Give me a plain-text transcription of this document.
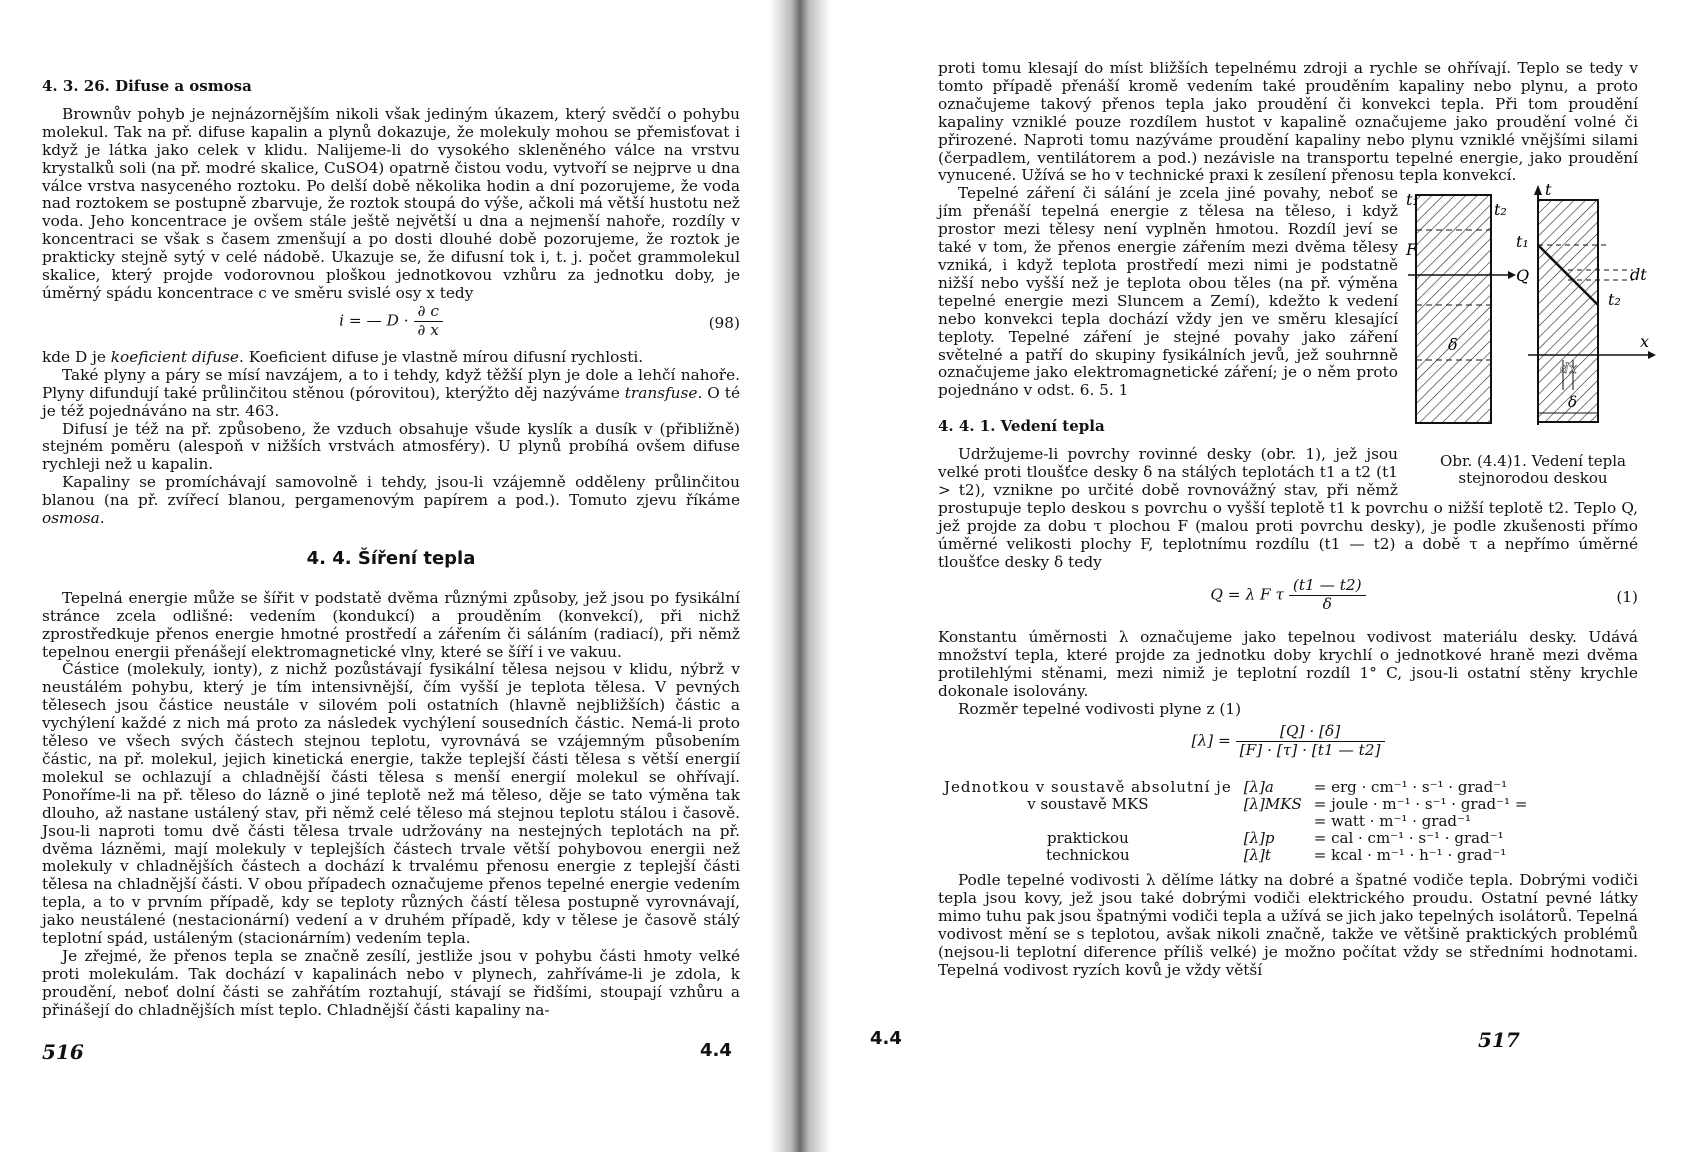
4. 3. 26. Difuse a osmosa

Brownův pohyb je nejnázornějším nikoli však jediným úkazem, který svědčí o pohybu molekul. Tak na př. difuse kapalin a plynů dokazuje, že molekuly mohou se přemisťovat i když je látka jako celek v klidu. Nalijeme-li do vysokého skleněného válce na vrstvu krystalků soli (na př. modré skalice, CuSO4) opatrně čistou vodu, vytvoří se nejprve u dna válce vrstva nasyceného roztoku. Po delší době několika hodin a dní pozorujeme, že voda nad roztokem se postupně zbarvuje, že roztok stoupá do výše, ačkoli má větší hustotu než voda. Jeho koncentrace je ovšem stále ještě největší u dna a nejmenší nahoře, rozdíly v koncentraci se však s časem zmenšují a po dosti dlouhé době pozorujeme, že roztok je prakticky stejně sytý v celé nádobě. Ukazuje se, že difusní tok i, t. j. počet grammolekul skalice, který projde vodorovnou ploškou jednotkovou vzhůru za jednotku doby, je úměrný spádu koncentrace c ve směru svislé osy x tedy

i = — $D \cdot \frac{\partial c}{\partial x}$	(98)

kde D je koeficient difuse. Koeficient difuse je vlastně mírou difusní rychlosti.

Také plyny a páry se mísí navzájem, a to i tehdy, když těžší plyn je dole a lehčí nahoře. Plyny difundují také průlinčitou stěnou (pórovitou), kterýžto děj nazýváme transfuse. O té je též pojednáváno na str. 463.

Difusí je též na př. způsobeno, že vzduch obsahuje všude kyslík a dusík v (přibližně) stejném poměru (alespoň v nižších vrstvách atmosféry). U plynů probíhá ovšem difuse rychleji než u kapalin.

Kapaliny se promíchávají samovolně i tehdy, jsou-li vzájemně odděleny průlinčitou blanou (na př. zvířecí blanou, pergamenovým papírem a pod.). Tomuto zjevu říkáme osmosa.

4. 4. Šíření tepla

Tepelná energie může se šířit v podstatě dvěma různými způsoby, jež jsou po fysikální stránce zcela odlišné: vedením (kondukcí) a prouděním (konvekcí), při nichž zprostředkuje přenos energie hmotné prostředí a zářením či sáláním (radiací), při němž tepelnou energii přenášejí elektromagnetické vlny, které se šíří i ve vakuu.

Částice (molekuly, ionty), z nichž pozůstávají fysikální tělesa nejsou v klidu, nýbrž v neustálém pohybu, který je tím intensivnější, čím vyšší je teplota tělesa. V pevných tělesech jsou částice neustále v silovém poli ostatních (hlavně nejbližších) částic a vychýlení každé z nich má proto za následek vychýlení sousedních částic. Nemá-li proto těleso ve všech svých částech stejnou teplotu, vyrovnává se vzájemným působením částic, na př. molekul, jejich kinetická energie, takže teplejší části tělesa s větší energií molekul se ochlazují a chladnější části tělesa s menší energií molekul se ohřívají. Ponoříme-li na př. těleso do lázně o jiné teplotě než má těleso, děje se tato výměna tak dlouho, až nastane ustálený stav, při němž celé těleso má stejnou teplotu stálou i časově. Jsou-li naproti tomu dvě části tělesa trvale udržovány na nestejných teplotách na př. dvěma lázněmi, mají molekuly v teplejších částech trvale větší pohybovou energii než molekuly v chladnějších částech a dochází k trvalému přenosu energie z teplejší části tělesa na chladnější části. V obou případech označujeme přenos tepelné energie vedením tepla, a to v prvním případě, kdy se teploty různých částí tělesa postupně vyrovnávají, jako neustálené (nestacionární) vedení a v druhém případě, kdy v tělese je časově stálý teplotní spád, ustáleným (stacionárním) vedením tepla.

Je zřejmé, že přenos tepla se značně zesílí, jestliže jsou v pohybu části hmoty velké proti molekulám. Tak dochází v kapalinách nebo v plynech, zahříváme-li je zdola, k proudění, neboť dolní části se zahřátím roztahují, stávají se řidšími, stoupají vzhůru a přinášejí do chladnějších míst teplo. Chladnější části kapaliny na-

516	4.4

proti tomu klesají do míst bližších tepelnému zdroji a rychle se ohřívají. Teplo se tedy v tomto případě přenáší kromě vedením také prouděním kapaliny nebo plynu, a proto označujeme takový přenos tepla jako proudění či konvekci tepla. Při tom proudění kapaliny vzniklé pouze rozdílem hustot v kapalině označujeme jako proudění volné či přirozené. Naproti tomu nazýváme proudění kapaliny nebo plynu vzniklé vnějšími silami (čerpadlem, ventilátorem a pod.) nezávisle na transportu tepelné energie, jako proudění vynucené. Užívá se ho v technické praxi k zesílení přenosu tepla konvekcí.

t₁
t₂
F
Q
δ
t
t₁
t₂
dt
x
dx
δ
Obr. (4.4)1. Vedení tepla
stejnorodou deskou

Tepelné záření či sálání je zcela jiné povahy, neboť se jím přenáší tepelná energie z tělesa na těleso, i když prostor mezi tělesy není vyplněn hmotou. Rozdíl jeví se také v tom, že přenos energie zářením mezi dvěma tělesy vzniká, i když teplota prostředí mezi nimi je podstatně nižší nebo vyšší než je teplota obou těles (na př. výměna tepelné energie mezi Sluncem a Zemí), kdežto k vedení nebo konvekci tepla dochází vždy jen ve směru klesající teploty. Tepelné záření je stejné povahy jako záření světelné a patří do skupiny fysikálních jevů, jež souhrnně označujeme jako elektromagnetické záření; je o něm proto pojednáno v odst. 6. 5. 1

4. 4. 1. Vedení tepla

Udržujeme-li povrchy rovinné desky (obr. 1), jež jsou velké proti tloušťce desky δ na stálých teplotách t1 a t2 (t1 > t2), vznikne po určité době rovnovážný stav, při němž prostupuje teplo deskou s povrchu o vyšší teplotě t1 k povrchu o nižší teplotě t2. Teplo Q, jež projde za dobu τ plochou F (malou proti povrchu desky), je podle zkušenosti přímo úměrné velikosti plochy F, teplotnímu rozdílu (t1 — t2) a době τ a nepřímo úměrné tloušťce desky δ tedy

Q = λ F τ $\frac{(t1 — t2)}{\delta}$	(1)

Konstantu úměrnosti λ označujeme jako tepelnou vodivost materiálu desky. Udává množství tepla, které projde za jednotku doby krychlí o jednotkové hraně mezi dvěma protilehlými stěnami, mezi nimiž je teplotní rozdíl 1° C, jsou-li ostatní stěny krychle dokonale isolovány.

Rozměr tepelné vodivosti plyne z (1)

$[\lambda] = \frac{[Q] \cdot [\delta]}{[F] \cdot [\tau] \cdot [t1 — t2]}$
Jednotkou v soustavě absolutní je	[λ]a	= erg · cm⁻¹ · s⁻¹ · grad⁻¹
v soustavě MKS	[λ]MKS	= joule · m⁻¹ · s⁻¹ · grad⁻¹ =
		= watt · m⁻¹ · grad⁻¹
praktickou	[λ]p	= cal · cm⁻¹ · s⁻¹ · grad⁻¹
technickou	[λ]t	= kcal · m⁻¹ · h⁻¹ · grad⁻¹

Podle tepelné vodivosti λ dělíme látky na dobré a špatné vodiče tepla. Dobrými vodiči tepla jsou kovy, jež jsou také dobrými vodiči elektrického proudu. Ostatní pevné látky mimo tuhu pak jsou špatnými vodiči tepla a užívá se jich jako tepelných isolátorů. Tepelná vodivost mění se s teplotou, avšak nikoli značně, takže ve většině praktických problémů (nejsou-li teplotní diference příliš velké) je možno počítat vždy se středními hodnotami. Tepelná vodivost ryzích kovů je vždy větší

4.4	517
